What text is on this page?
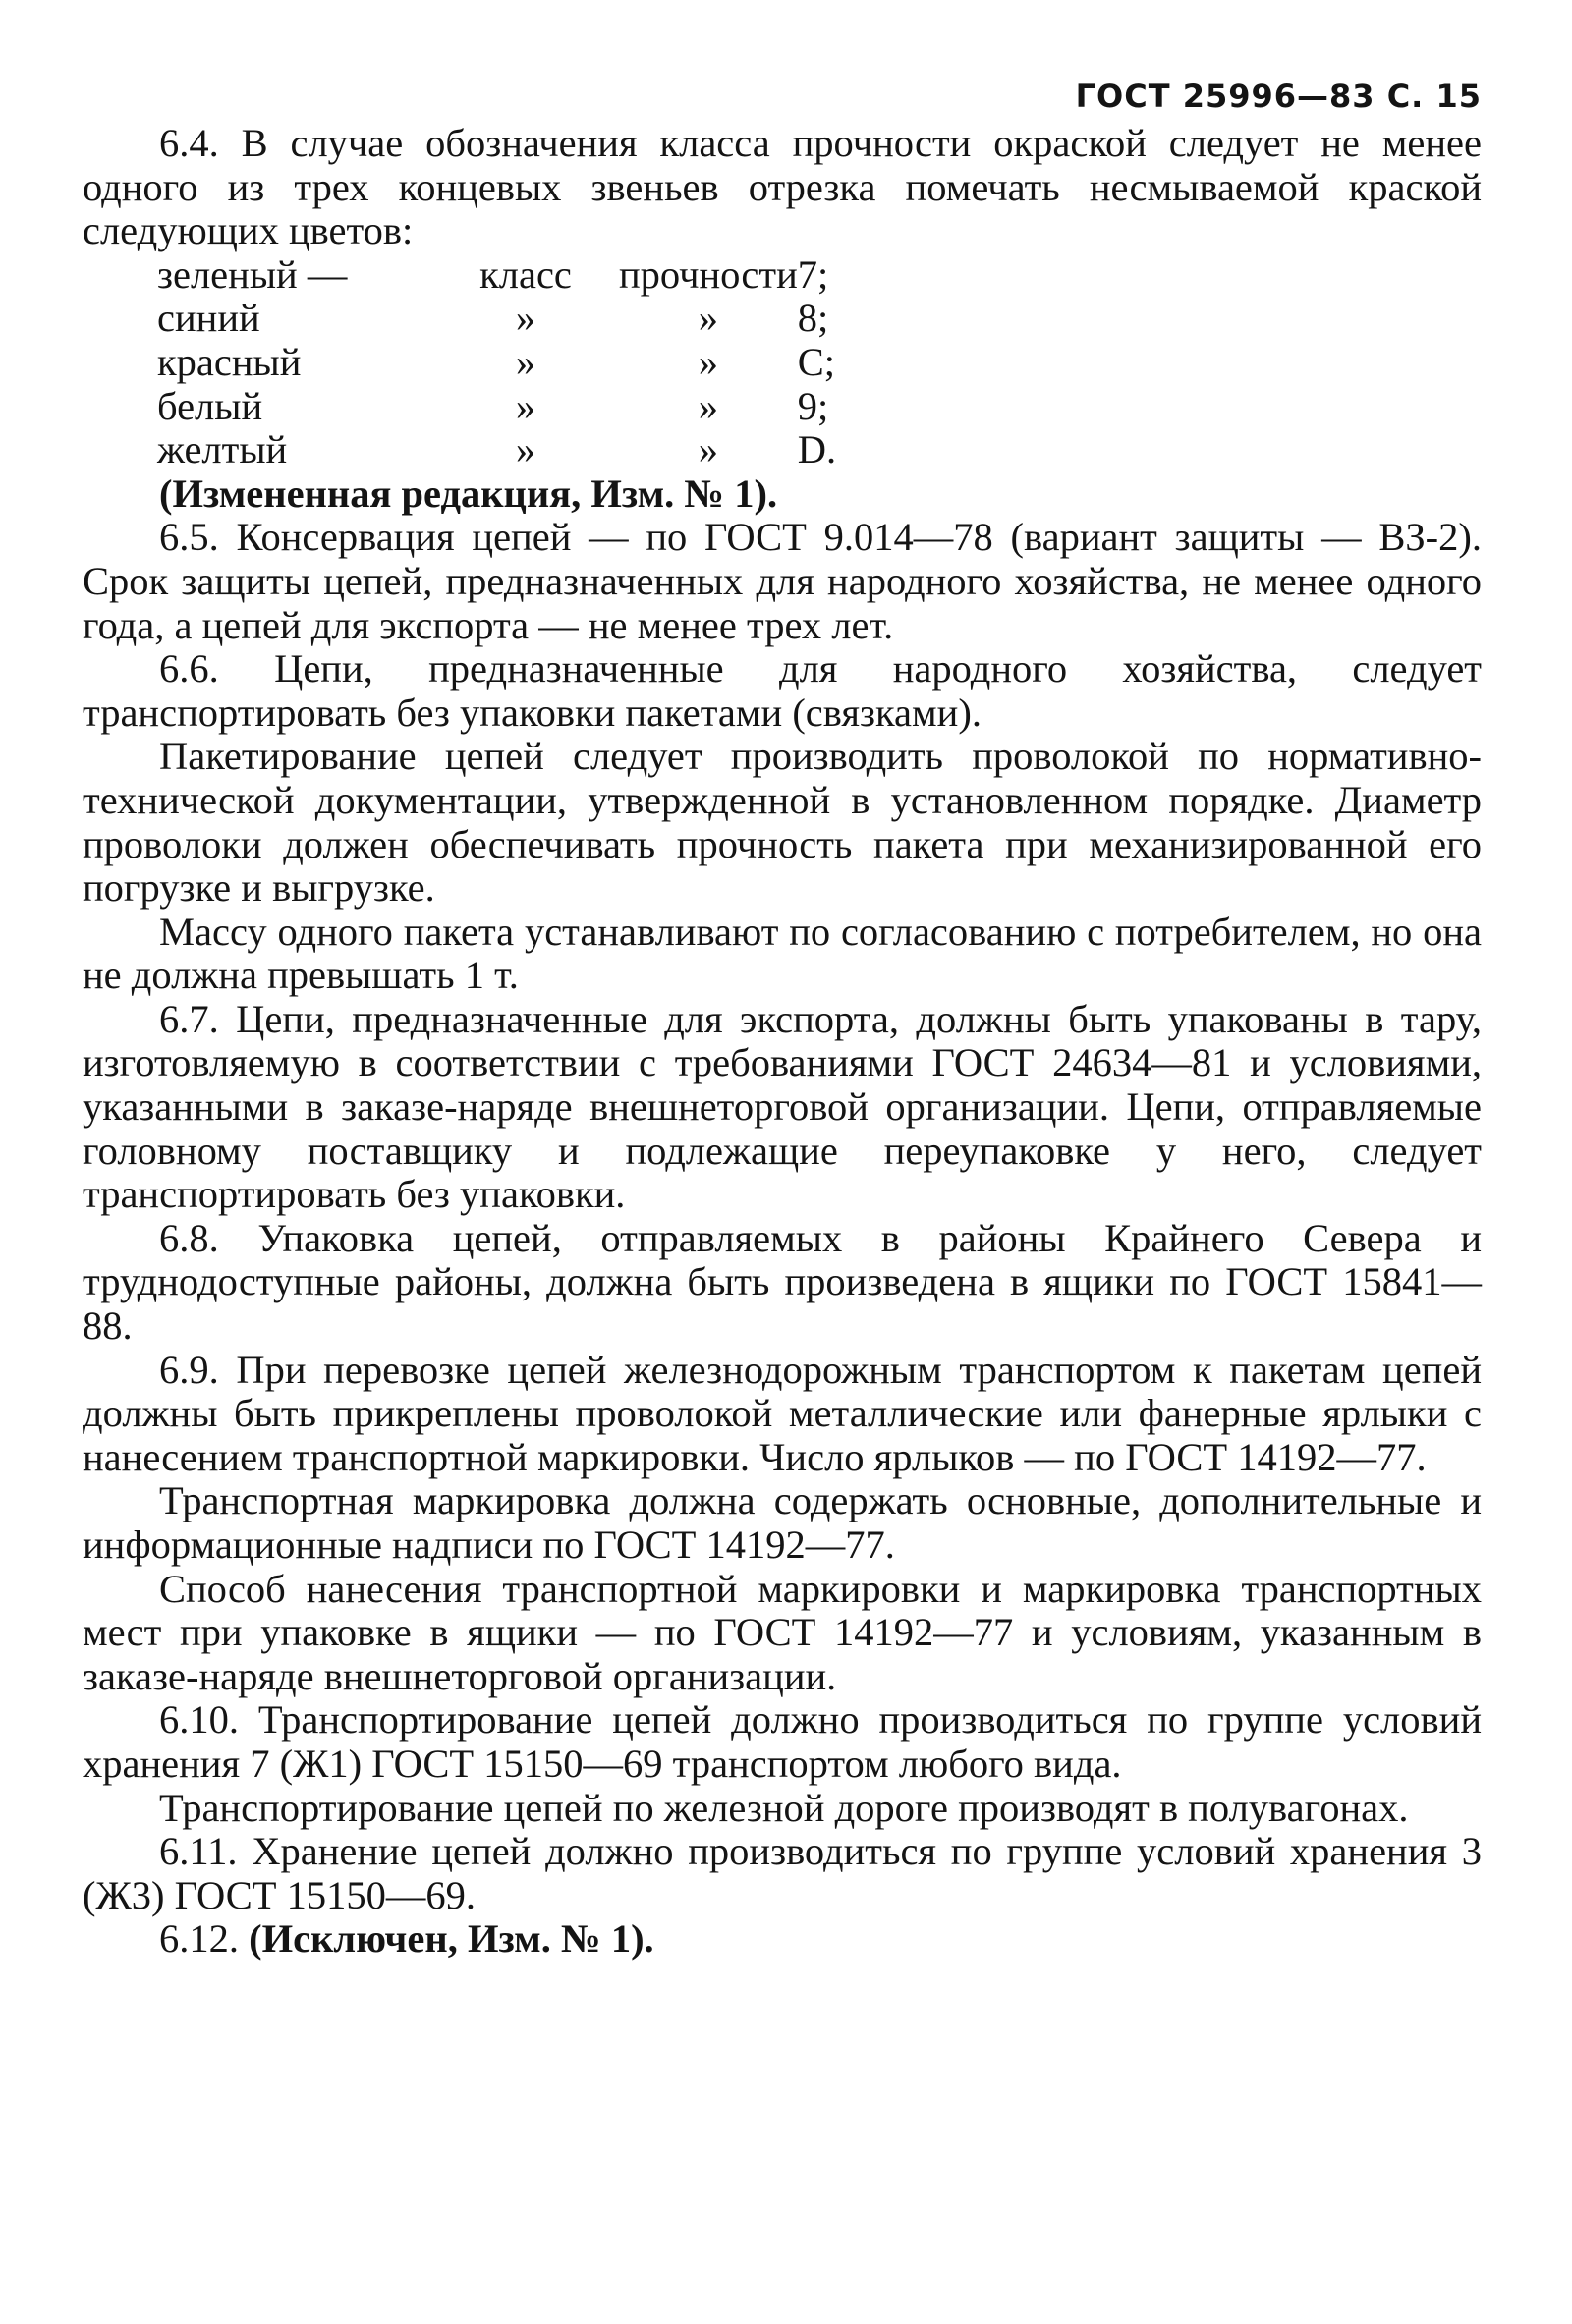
ГОСТ 25996—83 С. 15

6.4. В случае обозначения класса прочности окраской следует не менее одного из трех концевых звеньев отрезка помечать несмываемой краской следующих цветов:

зеленый —	класс	прочности	7;
синий	»	»	8;
красный	»	»	С;
белый	»	»	9;
желтый	»	»	D.

(Измененная редакция, Изм. № 1).

6.5. Консервация цепей — по ГОСТ 9.014—78 (вариант защиты — ВЗ-2). Срок защиты цепей, предназначенных для народного хозяйства, не менее одного года, а цепей для экспорта — не менее трех лет.

6.6. Цепи, предназначенные для народного хозяйства, следует транспортировать без упаковки пакетами (связками).

Пакетирование цепей следует производить проволокой по нормативно-технической документации, утвержденной в установленном порядке. Диаметр проволоки должен обеспечивать прочность пакета при механизированной его погрузке и выгрузке.

Массу одного пакета устанавливают по согласованию с потребителем, но она не должна превышать 1 т.

6.7. Цепи, предназначенные для экспорта, должны быть упакованы в тару, изготовляемую в соответствии с требованиями ГОСТ 24634—81 и условиями, указанными в заказе-наряде внешнеторговой организации. Цепи, отправляемые головному поставщику и подлежащие переупаковке у него, следует транспортировать без упаковки.

6.8. Упаковка цепей, отправляемых в районы Крайнего Севера и труднодоступные районы, должна быть произведена в ящики по ГОСТ 15841—88.

6.9. При перевозке цепей железнодорожным транспортом к пакетам цепей должны быть прикреплены проволокой металлические или фанерные ярлыки с нанесением транспортной маркировки. Число ярлыков — по ГОСТ 14192—77.

Транспортная маркировка должна содержать основные, дополнительные и информационные надписи по ГОСТ 14192—77.

Способ нанесения транспортной маркировки и маркировка транспортных мест при упаковке в ящики — по ГОСТ 14192—77 и условиям, указанным в заказе-наряде внешнеторговой организации.

6.10. Транспортирование цепей должно производиться по группе условий хранения 7 (Ж1) ГОСТ 15150—69 транспортом любого вида.

Транспортирование цепей по железной дороге производят в полувагонах.

6.11. Хранение цепей должно производиться по группе условий хранения 3 (Ж3) ГОСТ 15150—69.

6.12. (Исключен, Изм. № 1).
